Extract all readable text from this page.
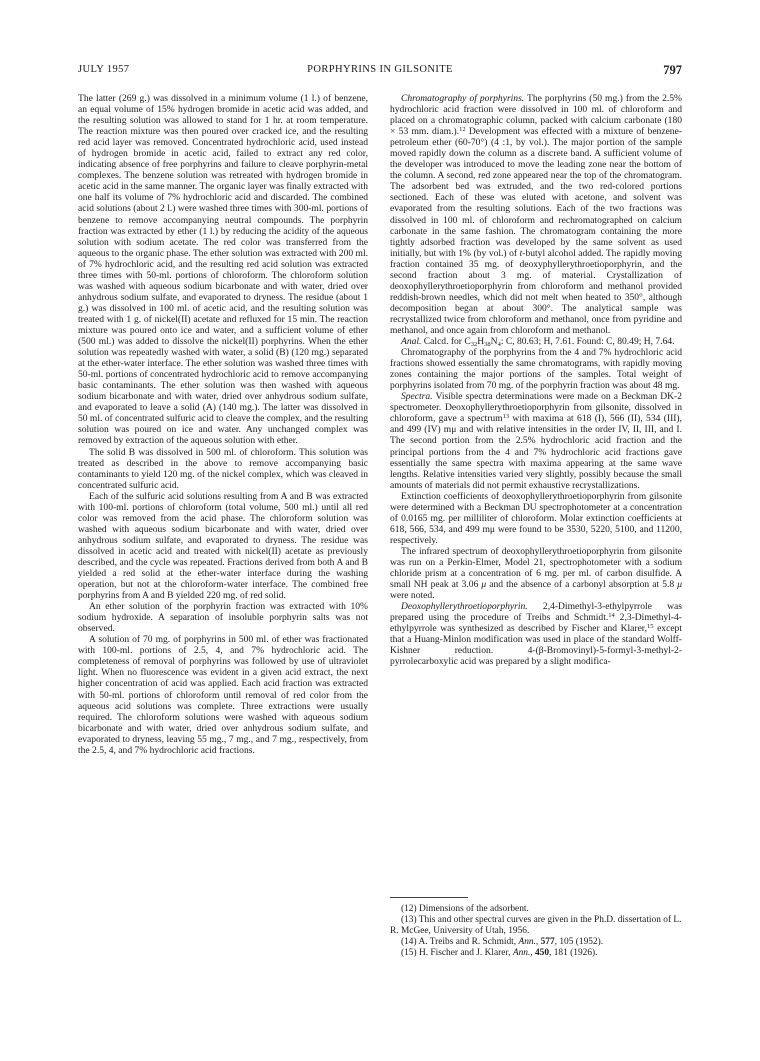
JULY 1957	PORPHYRINS IN GILSONITE	797

The latter (269 g.) was dissolved in a minimum volume (1 l.) of benzene, an equal volume of 15% hydrogen bromide in acetic acid was added, and the resulting solution was allowed to stand for 1 hr. at room temperature. The reaction mixture was then poured over cracked ice, and the resulting red acid layer was removed. Concentrated hydrochloric acid, used instead of hydrogen bromide in acetic acid, failed to extract any red color, indicating absence of free porphyrins and failure to cleave porphyrin-metal complexes. The benzene solution was retreated with hydrogen bromide in acetic acid in the same manner. The organic layer was finally extracted with one half its volume of 7% hydrochloric acid and discarded. The combined acid solutions (about 2 l.) were washed three times with 300-ml. portions of benzene to remove accompanying neutral compounds. The porphyrin fraction was extracted by ether (1 l.) by reducing the acidity of the aqueous solution with sodium acetate. The red color was transferred from the aqueous to the organic phase. The ether solution was extracted with 200 ml. of 7% hydrochloric acid, and the resulting red acid solution was extracted three times with 50-ml. portions of chloroform. The chloroform solution was washed with aqueous sodium bicarbonate and with water, dried over anhydrous sodium sulfate, and evaporated to dryness. The residue (about 1 g.) was dissolved in 100 ml. of acetic acid, and the resulting solution was treated with 1 g. of nickel(II) acetate and refluxed for 15 min. The reaction mixture was poured onto ice and water, and a sufficient volume of ether (500 ml.) was added to dissolve the nickel(II) porphyrins. When the ether solution was repeatedly washed with water, a solid (B) (120 mg.) separated at the ether-water interface. The ether solution was washed three times with 50-ml. portions of concentrated hydrochloric acid to remove accompanying basic contaminants. The ether solution was then washed with aqueous sodium bicarbonate and with water, dried over anhydrous sodium sulfate, and evaporated to leave a solid (A) (140 mg.). The latter was dissolved in 50 ml. of concentrated sulfuric acid to cleave the complex, and the resulting solution was poured on ice and water. Any unchanged complex was removed by extraction of the aqueous solution with ether.

The solid B was dissolved in 500 ml. of chloroform. This solution was treated as described in the above to remove accompanying basic contaminants to yield 120 mg. of the nickel complex, which was cleaved in concentrated sulfuric acid.

Each of the sulfuric acid solutions resulting from A and B was extracted with 100-ml. portions of chloroform (total volume, 500 ml.) until all red color was removed from the acid phase. The chloroform solution was washed with aqueous sodium bicarbonate and with water, dried over anhydrous sodium sulfate, and evaporated to dryness. The residue was dissolved in acetic acid and treated with nickel(II) acetate as previously described, and the cycle was repeated. Fractions derived from both A and B yielded a red solid at the ether-water interface during the washing operation, but not at the chloroform-water interface. The combined free porphyrins from A and B yielded 220 mg. of red solid.

An ether solution of the porphyrin fraction was extracted with 10% sodium hydroxide. A separation of insoluble porphyrin salts was not observed.

A solution of 70 mg. of porphyrins in 500 ml. of ether was fractionated with 100-ml. portions of 2.5, 4, and 7% hydrochloric acid. The completeness of removal of porphyrins was followed by use of ultraviolet light. When no fluorescence was evident in a given acid extract, the next higher concentration of acid was applied. Each acid fraction was extracted with 50-ml. portions of chloroform until removal of red color from the aqueous acid solutions was complete. Three extractions were usually required. The chloroform solutions were washed with aqueous sodium bicarbonate and with water, dried over anhydrous sodium sulfate, and evaporated to dryness, leaving 55 mg., 7 mg., and 7 mg., respectively, from the 2.5, 4, and 7% hydrochloric acid fractions.

Chromatography of porphyrins. The porphyrins (50 mg.) from the 2.5% hydrochloric acid fraction were dissolved in 100 ml. of chloroform and placed on a chromatographic column, packed with calcium carbonate (180 × 53 mm. diam.).$^{12}$ Development was effected with a mixture of benzene-petroleum ether (60-70°) (4 :1, by vol.). The major portion of the sample moved rapidly down the column as a discrete band. A sufficient volume of the developer was introduced to move the leading zone near the bottom of the column. A second, red zone appeared near the top of the chromatogram. The adsorbent bed was extruded, and the two red-colored portions sectioned. Each of these was eluted with acetone, and solvent was evaporated from the resulting solutions. Each of the two fractions was dissolved in 100 ml. of chloroform and rechromatographed on calcium carbonate in the same fashion. The chromatogram containing the more tightly adsorbed fraction was developed by the same solvent as used initially, but with 1% (by vol.) of t-butyl alcohol added. The rapidly moving fraction contained 35 mg. of deoxyphyllerythroetioporphyrin, and the second fraction about 3 mg. of material. Crystallization of deoxophyllerythroetioporphyrin from chloroform and methanol provided reddish-brown needles, which did not melt when heated to 350°, although decomposition began at about 300°. The analytical sample was recrystallized twice from chloroform and methanol, once from pyridine and methanol, and once again from chloroform and methanol.

Anal. Calcd. for $C_{32}H_{38}N_4$: C, 80.63; H, 7.61. Found: C, 80.49; H, 7.64.

Chromatography of the porphyrins from the 4 and 7% hydrochloric acid fractions showed essentially the same chromatograms, with rapidly moving zones containing the major portions of the samples. Total weight of porphyrins isolated from 70 mg. of the porphyrin fraction was about 48 mg.

Spectra. Visible spectra determinations were made on a Beckman DK-2 spectrometer. Deoxophyllerythroetioporphyrin from gilsonite, dissolved in chloroform, gave a spectrum$^{13}$ with maxima at 618 (I), 566 (II), 534 (III), and 499 (IV) mμ and with relative intensities in the order IV, II, III, and I. The second portion from the 2.5% hydrochloric acid fraction and the principal portions from the 4 and 7% hydrochloric acid fractions gave essentially the same spectra with maxima appearing at the same wave lengths. Relative intensities varied very slightly, possibly because the small amounts of materials did not permit exhaustive recrystallizations.

Extinction coefficients of deoxophyllerythroetioporphyrin from gilsonite were determined with a Beckman DU spectrophotometer at a concentration of 0.0165 mg. per milliliter of chloroform. Molar extinction coefficients at 618, 566, 534, and 499 mμ were found to be 3530, 5220, 5100, and 11200, respectively.

The infrared spectrum of deoxophyllerythroetioporphyrin from gilsonite was run on a Perkin-Elmer, Model 21, spectrophotometer with a sodium chloride prism at a concentration of 6 mg. per ml. of carbon disulfide. A small NH peak at 3.06 μ and the absence of a carbonyl absorption at 5.8 μ were noted.

Deoxophyllerythroetioporphyrin. 2,4-Dimethyl-3-ethylpyrrole was prepared using the procedure of Treibs and Schmidt.$^{14}$ 2,3-Dimethyl-4-ethylpyrrole was synthesized as described by Fischer and Klarer,$^{15}$ except that a Huang-Minlon modification was used in place of the standard Wolff-Kishner reduction. 4-(β-Bromovinyl)-5-formyl-3-methyl-2-pyrrolecarboxylic acid was prepared by a slight modifica-

(12) Dimensions of the adsorbent.

(13) This and other spectral curves are given in the Ph.D. dissertation of L. R. McGee, University of Utah, 1956.

(14) A. Treibs and R. Schmidt, Ann., 577, 105 (1952).

(15) H. Fischer and J. Klarer, Ann., 450, 181 (1926).
